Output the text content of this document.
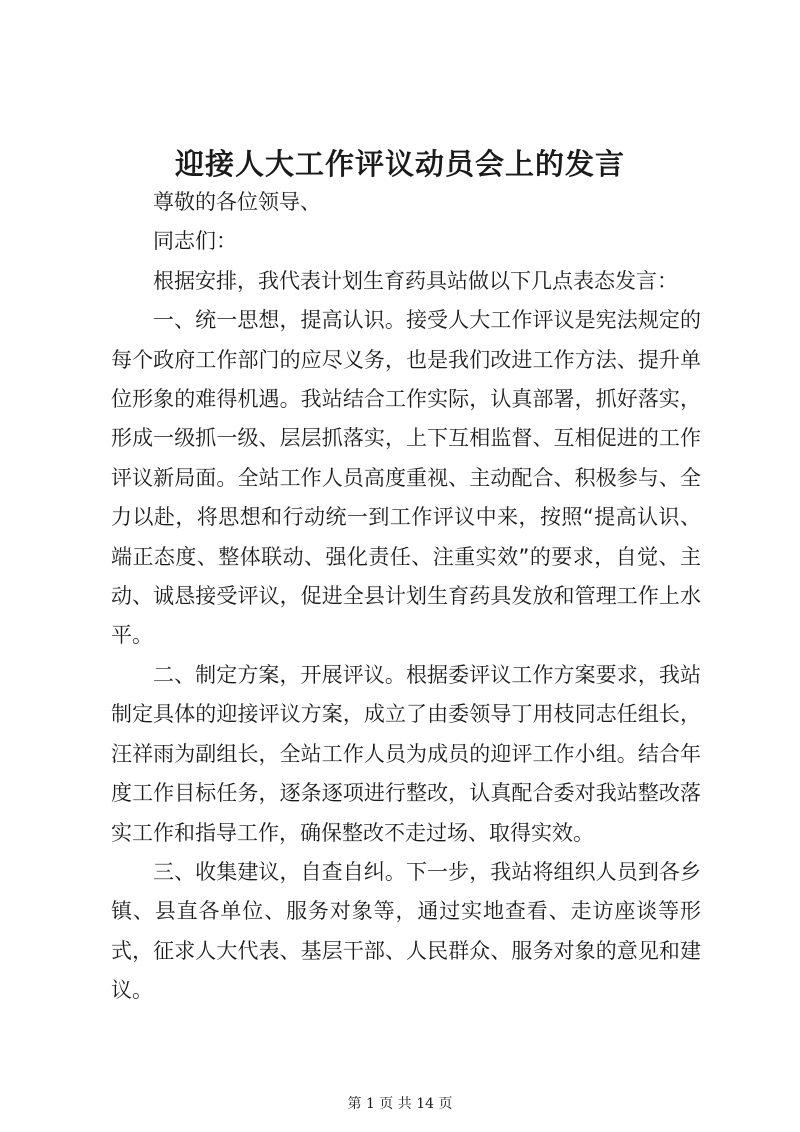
迎接人大工作评议动员会上的发言

尊敬的各位领导、

同志们：

根据安排，我代表计划生育药具站做以下几点表态发言：

一、统一思想，提高认识。接受人大工作评议是宪法规定的每个政府工作部门的应尽义务，也是我们改进工作方法、提升单位形象的难得机遇。我站结合工作实际，认真部署，抓好落实，形成一级抓一级、层层抓落实，上下互相监督、互相促进的工作评议新局面。全站工作人员高度重视、主动配合、积极参与、全力以赴，将思想和行动统一到工作评议中来，按照“提高认识、端正态度、整体联动、强化责任、注重实效”的要求，自觉、主动、诚恳接受评议，促进全县计划生育药具发放和管理工作上水平。

二、制定方案，开展评议。根据委评议工作方案要求，我站制定具体的迎接评议方案，成立了由委领导丁用枝同志任组长，汪祥雨为副组长，全站工作人员为成员的迎评工作小组。结合年度工作目标任务，逐条逐项进行整改，认真配合委对我站整改落实工作和指导工作，确保整改不走过场、取得实效。

三、收集建议，自查自纠。下一步，我站将组织人员到各乡镇、县直各单位、服务对象等，通过实地查看、走访座谈等形式，征求人大代表、基层干部、人民群众、服务对象的意见和建议。

第 1 页 共 14 页
